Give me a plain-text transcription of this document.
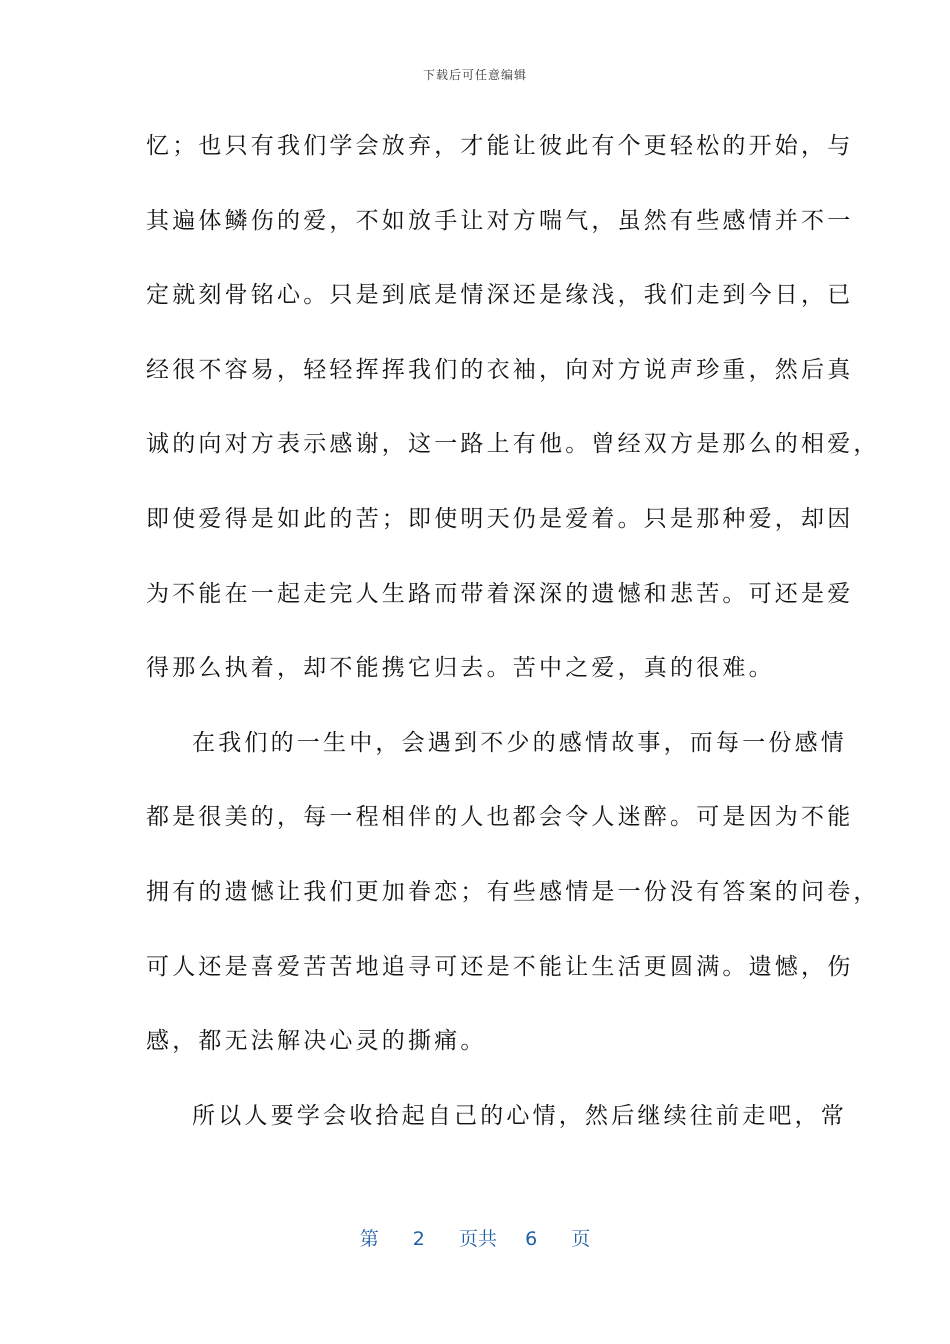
下载后可任意编辑
忆；也只有我们学会放弃，才能让彼此有个更轻松的开始，与
其遍体鳞伤的爱，不如放手让对方喘气，虽然有些感情并不一
定就刻骨铭心。只是到底是情深还是缘浅，我们走到今日，已
经很不容易，轻轻挥挥我们的衣袖，向对方说声珍重，然后真
诚的向对方表示感谢，这一路上有他。曾经双方是那么的相爱，
即使爱得是如此的苦；即使明天仍是爱着。只是那种爱，却因
为不能在一起走完人生路而带着深深的遗憾和悲苦。可还是爱
得那么执着，却不能携它归去。苦中之爱，真的很难。
在我们的一生中，会遇到不少的感情故事，而每一份感情
都是很美的，每一程相伴的人也都会令人迷醉。可是因为不能
拥有的遗憾让我们更加眷恋；有些感情是一份没有答案的问卷，
可人还是喜爱苦苦地追寻可还是不能让生活更圆满。遗憾，伤
感，都无法解决心灵的撕痛。
所以人要学会收拾起自己的心情，然后继续往前走吧，常
第 2 页共 6 页
